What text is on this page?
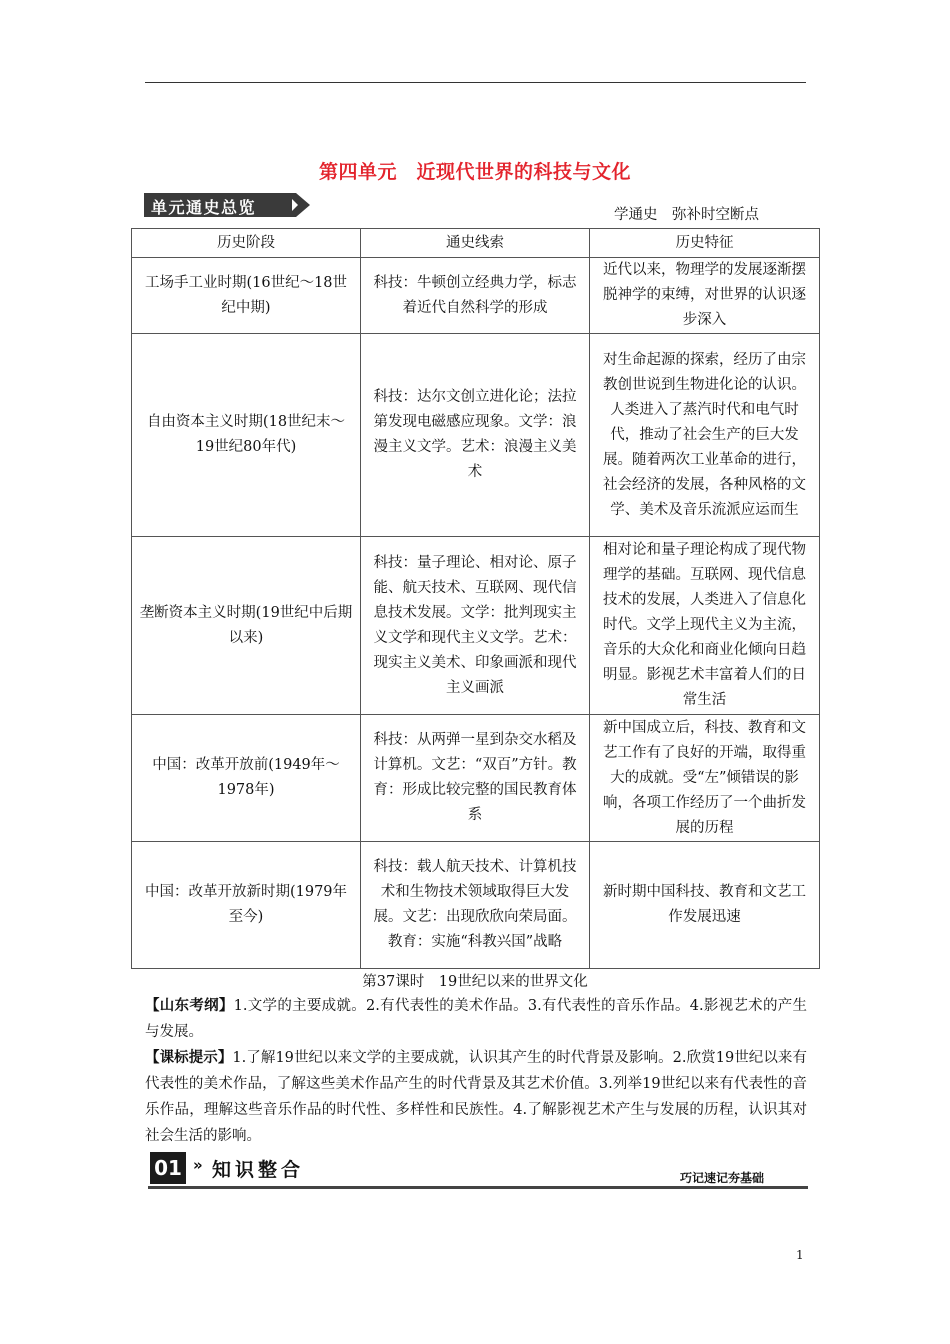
第四单元　近现代世界的科技与文化
单元通史总览	学通史　弥补时空断点
历史阶段	通史线索	历史特征
工场手工业时期(16世纪～18世纪中期)	科技：牛顿创立经典力学，标志着近代自然科学的形成	近代以来，物理学的发展逐渐摆脱神学的束缚，对世界的认识逐步深入
自由资本主义时期(18世纪末～19世纪80年代)	科技：达尔文创立进化论；法拉第发现电磁感应现象。文学：浪漫主义文学。艺术：浪漫主义美术	对生命起源的探索，经历了由宗教创世说到生物进化论的认识。人类进入了蒸汽时代和电气时代，推动了社会生产的巨大发展。随着两次工业革命的进行，社会经济的发展，各种风格的文学、美术及音乐流派应运而生
垄断资本主义时期(19世纪中后期以来)	科技：量子理论、相对论、原子能、航天技术、互联网、现代信息技术发展。文学：批判现实主义文学和现代主义文学。艺术：现实主义美术、印象画派和现代主义画派	相对论和量子理论构成了现代物理学的基础。互联网、现代信息技术的发展，人类进入了信息化时代。文学上现代主义为主流，音乐的大众化和商业化倾向日趋明显。影视艺术丰富着人们的日常生活
中国：改革开放前(1949年～1978年)	科技：从两弹一星到杂交水稻及计算机。文艺：“双百”方针。教育：形成比较完整的国民教育体系	新中国成立后，科技、教育和文艺工作有了良好的开端，取得重大的成就。受“左”倾错误的影响，各项工作经历了一个曲折发展的历程
中国：改革开放新时期(1979年至今)	科技：载人航天技术、计算机技术和生物技术领域取得巨大发展。文艺：出现欣欣向荣局面。教育：实施“科教兴国”战略	新时期中国科技、教育和文艺工作发展迅速
第37课时　19世纪以来的世界文化
【山东考纲】1.文学的主要成就。2.有代表性的美术作品。3.有代表性的音乐作品。4.影视艺术的产生与发展。
【课标提示】1.了解19世纪以来文学的主要成就，认识其产生的时代背景及影响。2.欣赏19世纪以来有代表性的美术作品，了解这些美术作品产生的时代背景及其艺术价值。3.列举19世纪以来有代表性的音乐作品，理解这些音乐作品的时代性、多样性和民族性。4.了解影视艺术产生与发展的历程，认识其对社会生活的影响。
01 » 知识整合	巧记速记夯基础
1
